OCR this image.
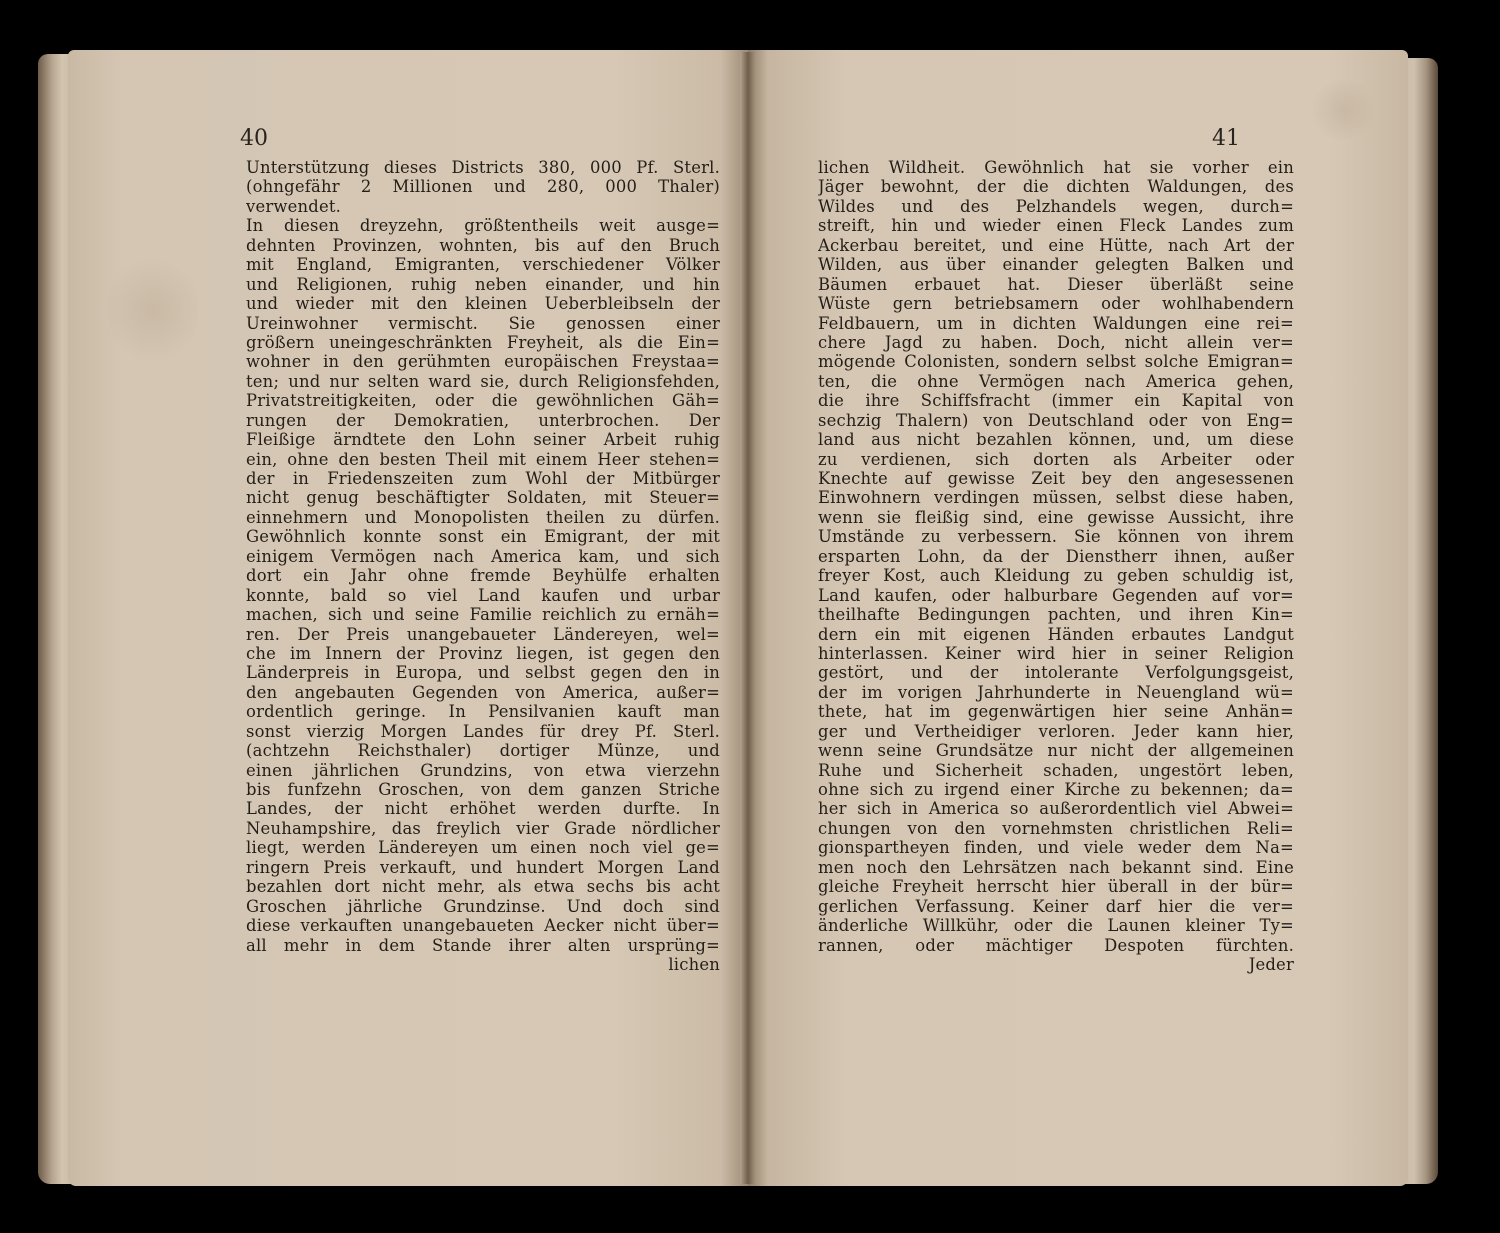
40
Unterstützung dieses Districts 380, 000 Pf. Sterl.
(ohngefähr 2 Millionen und 280, 000 Thaler)
verwendet.
In diesen dreyzehn, größtentheils weit ausge=
dehnten Provinzen, wohnten, bis auf den Bruch
mit England, Emigranten, verschiedener Völker
und Religionen, ruhig neben einander, und hin
und wieder mit den kleinen Ueberbleibseln der
Ureinwohner vermischt. Sie genossen einer
größern uneingeschränkten Freyheit, als die Ein=
wohner in den gerühmten europäischen Freystaa=
ten; und nur selten ward sie, durch Religionsfehden,
Privatstreitigkeiten, oder die gewöhnlichen Gäh=
rungen der Demokratien, unterbrochen. Der
Fleißige ärndtete den Lohn seiner Arbeit ruhig
ein, ohne den besten Theil mit einem Heer stehen=
der in Friedenszeiten zum Wohl der Mitbürger
nicht genug beschäftigter Soldaten, mit Steuer=
einnehmern und Monopolisten theilen zu dürfen.
Gewöhnlich konnte sonst ein Emigrant, der mit
einigem Vermögen nach America kam, und sich
dort ein Jahr ohne fremde Beyhülfe erhalten
konnte, bald so viel Land kaufen und urbar
machen, sich und seine Familie reichlich zu ernäh=
ren. Der Preis unangebaueter Ländereyen, wel=
che im Innern der Provinz liegen, ist gegen den
Länderpreis in Europa, und selbst gegen den in
den angebauten Gegenden von America, außer=
ordentlich geringe. In Pensilvanien kauft man
sonst vierzig Morgen Landes für drey Pf. Sterl.
(achtzehn Reichsthaler) dortiger Münze, und
einen jährlichen Grundzins, von etwa vierzehn
bis funfzehn Groschen, von dem ganzen Striche
Landes, der nicht erhöhet werden durfte. In
Neuhampshire, das freylich vier Grade nördlicher
liegt, werden Ländereyen um einen noch viel ge=
ringern Preis verkauft, und hundert Morgen Land
bezahlen dort nicht mehr, als etwa sechs bis acht
Groschen jährliche Grundzinse. Und doch sind
diese verkauften unangebaueten Aecker nicht über=
all mehr in dem Stande ihrer alten ursprüng=
lichen
41
lichen Wildheit. Gewöhnlich hat sie vorher ein
Jäger bewohnt, der die dichten Waldungen, des
Wildes und des Pelzhandels wegen, durch=
streift, hin und wieder einen Fleck Landes zum
Ackerbau bereitet, und eine Hütte, nach Art der
Wilden, aus über einander gelegten Balken und
Bäumen erbauet hat. Dieser überläßt seine
Wüste gern betriebsamern oder wohlhabendern
Feldbauern, um in dichten Waldungen eine rei=
chere Jagd zu haben. Doch, nicht allein ver=
mögende Colonisten, sondern selbst solche Emigran=
ten, die ohne Vermögen nach America gehen,
die ihre Schiffsfracht (immer ein Kapital von
sechzig Thalern) von Deutschland oder von Eng=
land aus nicht bezahlen können, und, um diese
zu verdienen, sich dorten als Arbeiter oder
Knechte auf gewisse Zeit bey den angesessenen
Einwohnern verdingen müssen, selbst diese haben,
wenn sie fleißig sind, eine gewisse Aussicht, ihre
Umstände zu verbessern. Sie können von ihrem
ersparten Lohn, da der Dienstherr ihnen, außer
freyer Kost, auch Kleidung zu geben schuldig ist,
Land kaufen, oder halburbare Gegenden auf vor=
theilhafte Bedingungen pachten, und ihren Kin=
dern ein mit eigenen Händen erbautes Landgut
hinterlassen. Keiner wird hier in seiner Religion
gestört, und der intolerante Verfolgungsgeist,
der im vorigen Jahrhunderte in Neuengland wü=
thete, hat im gegenwärtigen hier seine Anhän=
ger und Vertheidiger verloren. Jeder kann hier,
wenn seine Grundsätze nur nicht der allgemeinen
Ruhe und Sicherheit schaden, ungestört leben,
ohne sich zu irgend einer Kirche zu bekennen; da=
her sich in America so außerordentlich viel Abwei=
chungen von den vornehmsten christlichen Reli=
gionspartheyen finden, und viele weder dem Na=
men noch den Lehrsätzen nach bekannt sind. Eine
gleiche Freyheit herrscht hier überall in der bür=
gerlichen Verfassung. Keiner darf hier die ver=
änderliche Willkühr, oder die Launen kleiner Ty=
rannen, oder mächtiger Despoten fürchten.
Jeder
